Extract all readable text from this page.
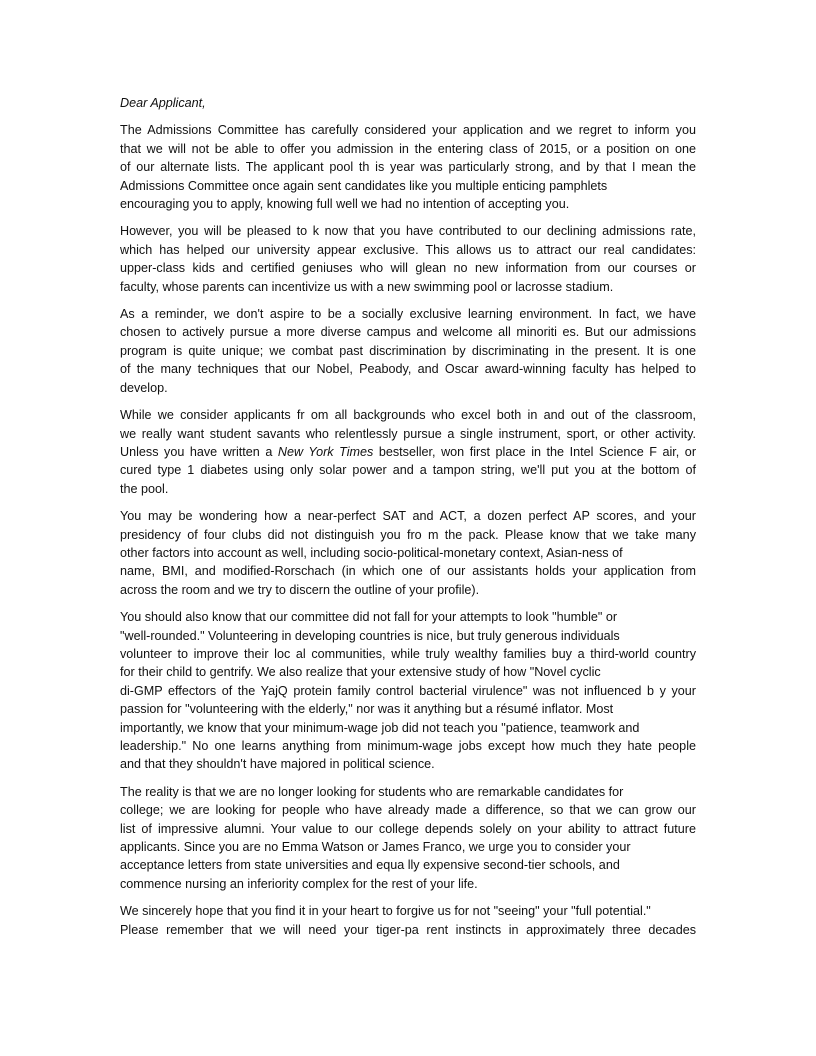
Dear Applicant,
The Admissions Committee has carefully considered your application and we regret to inform you
that we will not be able to offer you admission in the entering class of 2015, or a position on one
of our alternate lists. The applicant pool th is year was particularly strong, and by that I mean the
Admissions Committee once again sent candidates like you multiple enticing pamphlets
encouraging you to apply, knowing full well we had no intention of accepting you.
However, you will be pleased to k now that you have contributed to our declining admissions rate,
which has helped our university appear exclusive. This allows us to attract our real candidates:
upper-class kids and certified geniuses who will glean no new information from our courses or
faculty, whose parents can incentivize us with a new swimming pool or lacrosse stadium.
As a reminder, we don't aspire to be a socially exclusive learning environment. In fact, we have
chosen to actively pursue a more diverse campus and welcome all minoriti es. But our admissions
program is quite unique; we combat past discrimination by discriminating in the present. It is one
of the many techniques that our Nobel, Peabody, and Oscar award-winning faculty has helped to
develop.
While we consider applicants fr om all backgrounds who excel both in and out of the classroom,
we really want student savants who relentlessly pursue a single instrument, sport, or other activity.
Unless you have written a New York Times bestseller, won first place in the Intel Science F air, or
cured type 1 diabetes using only solar power and a tampon string, we'll put you at the bottom of
the pool.
You may be wondering how a near-perfect SAT and ACT, a dozen perfect AP scores, and your
presidency of four clubs did not distinguish you fro m the pack. Please know that we take many
other factors into account as well, including socio-political-monetary context, Asian-ness of
name, BMI, and modified-Rorschach (in which one of our assistants holds your application from
across the room and we try to discern the outline of your profile).
You should also know that our committee did not fall for your attempts to look "humble" or
"well-rounded." Volunteering in developing countries is nice, but truly generous individuals
volunteer to improve their loc al communities, while truly wealthy families buy a third-world country
for their child to gentrify. We also realize that your extensive study of how "Novel cyclic
di-GMP effectors of the YajQ protein family control bacterial virulence" was not influenced b y your
passion for "volunteering with the elderly," nor was it anything but a résumé inflator. Most
importantly, we know that your minimum-wage job did not teach you "patience, teamwork and
leadership." No one learns anything from minimum-wage jobs except how much they hate people
and that they shouldn't have majored in political science.
The reality is that we are no longer looking for students who are remarkable candidates for
college; we are looking for people who have already made a difference, so that we can grow our
list of impressive alumni. Your value to our college depends solely on your ability to attract future
applicants. Since you are no Emma Watson or James Franco, we urge you to consider your
acceptance letters from state universities and equa lly expensive second-tier schools, and
commence nursing an inferiority complex for the rest of your life.
We sincerely hope that you find it in your heart to forgive us for not "seeing" your "full potential."
Please remember that we will need your tiger-pa rent instincts in approximately three decades
